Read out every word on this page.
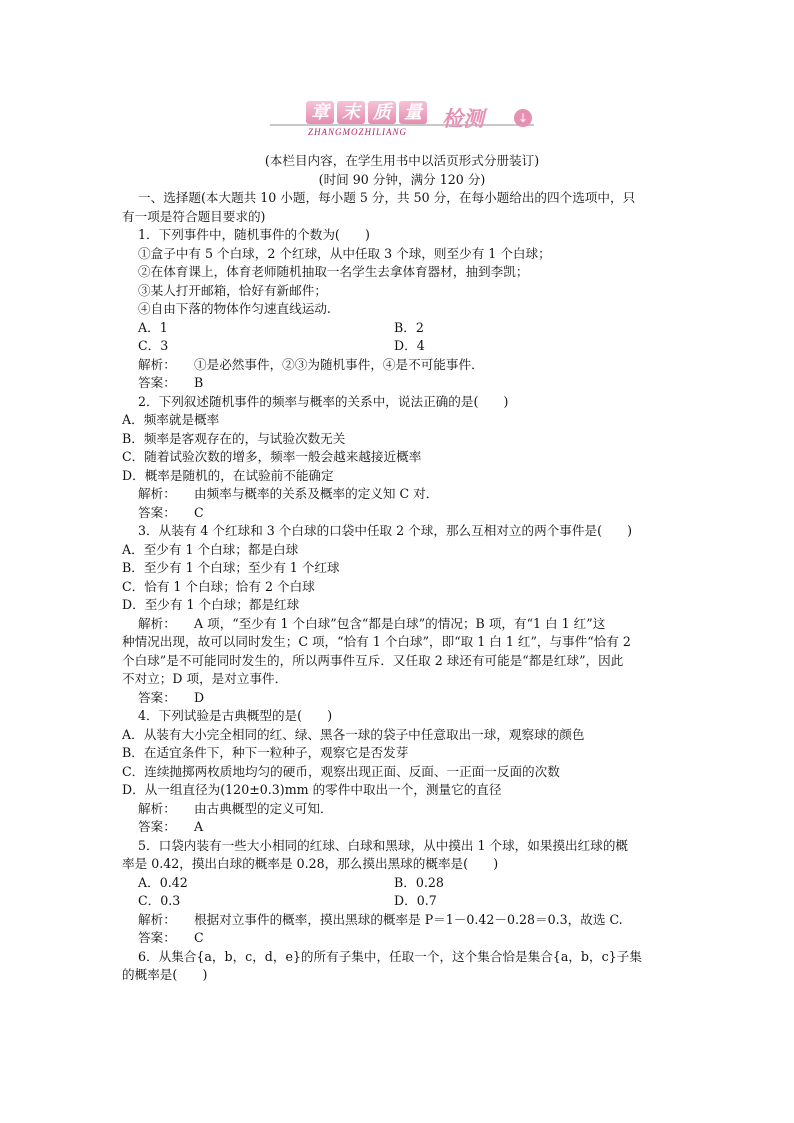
章 末 质 量
ZHANGMOZHILIANG
检测	↓

(本栏目内容，在学生用书中以活页形式分册装订)

(时间 90 分钟，满分 120 分)

一、选择题(本大题共 10 小题，每小题 5 分，共 50 分，在每小题给出的四个选项中，只

有一项是符合题目要求的)

1．下列事件中，随机事件的个数为(　　)

①盒子中有 5 个白球，2 个红球，从中任取 3 个球，则至少有 1 个白球；

②在体育课上，体育老师随机抽取一名学生去拿体育器材，抽到李凯；

③某人打开邮箱，恰好有新邮件；

④自由下落的物体作匀速直线运动.

A．1	B．2
C．3	D．4

解析： ①是必然事件，②③为随机事件，④是不可能事件．

答案： B

2．下列叙述随机事件的频率与概率的关系中，说法正确的是(　　)

A．频率就是概率

B．频率是客观存在的，与试验次数无关

C．随着试验次数的增多，频率一般会越来越接近概率

D．概率是随机的，在试验前不能确定

解析： 由频率与概率的关系及概率的定义知 C 对．

答案： C

3．从装有 4 个红球和 3 个白球的口袋中任取 2 个球，那么互相对立的两个事件是(　　)

A．至少有 1 个白球；都是白球

B．至少有 1 个白球；至少有 1 个红球

C．恰有 1 个白球；恰有 2 个白球

D．至少有 1 个白球；都是红球

解析： A 项，“至少有 1 个白球”包含“都是白球”的情况；B 项，有“1 白 1 红”这

种情况出现，故可以同时发生；C 项，“恰有 1 个白球”，即“取 1 白 1 红”，与事件“恰有 2

个白球”是不可能同时发生的，所以两事件互斥．又任取 2 球还有可能是“都是红球”，因此

不对立；D 项，是对立事件．

答案： D

4．下列试验是古典概型的是(　　)

A．从装有大小完全相同的红、绿、黑各一球的袋子中任意取出一球，观察球的颜色

B．在适宜条件下，种下一粒种子，观察它是否发芽

C．连续抛掷两枚质地均匀的硬币，观察出现正面、反面、一正面一反面的次数

D．从一组直径为(120±0.3)mm 的零件中取出一个，测量它的直径

解析： 由古典概型的定义可知．

答案： A

5．口袋内装有一些大小相同的红球、白球和黑球，从中摸出 1 个球，如果摸出红球的概

率是 0.42，摸出白球的概率是 0.28，那么摸出黑球的概率是(　　)

A．0.42	B．0.28
C．0.3	D．0.7

解析： 根据对立事件的概率，摸出黑球的概率是 P＝1－0.42－0.28＝0.3，故选 C.

答案： C

6．从集合{a，b，c，d，e}的所有子集中，任取一个，这个集合恰是集合{a，b，c}子集

的概率是(　　)
